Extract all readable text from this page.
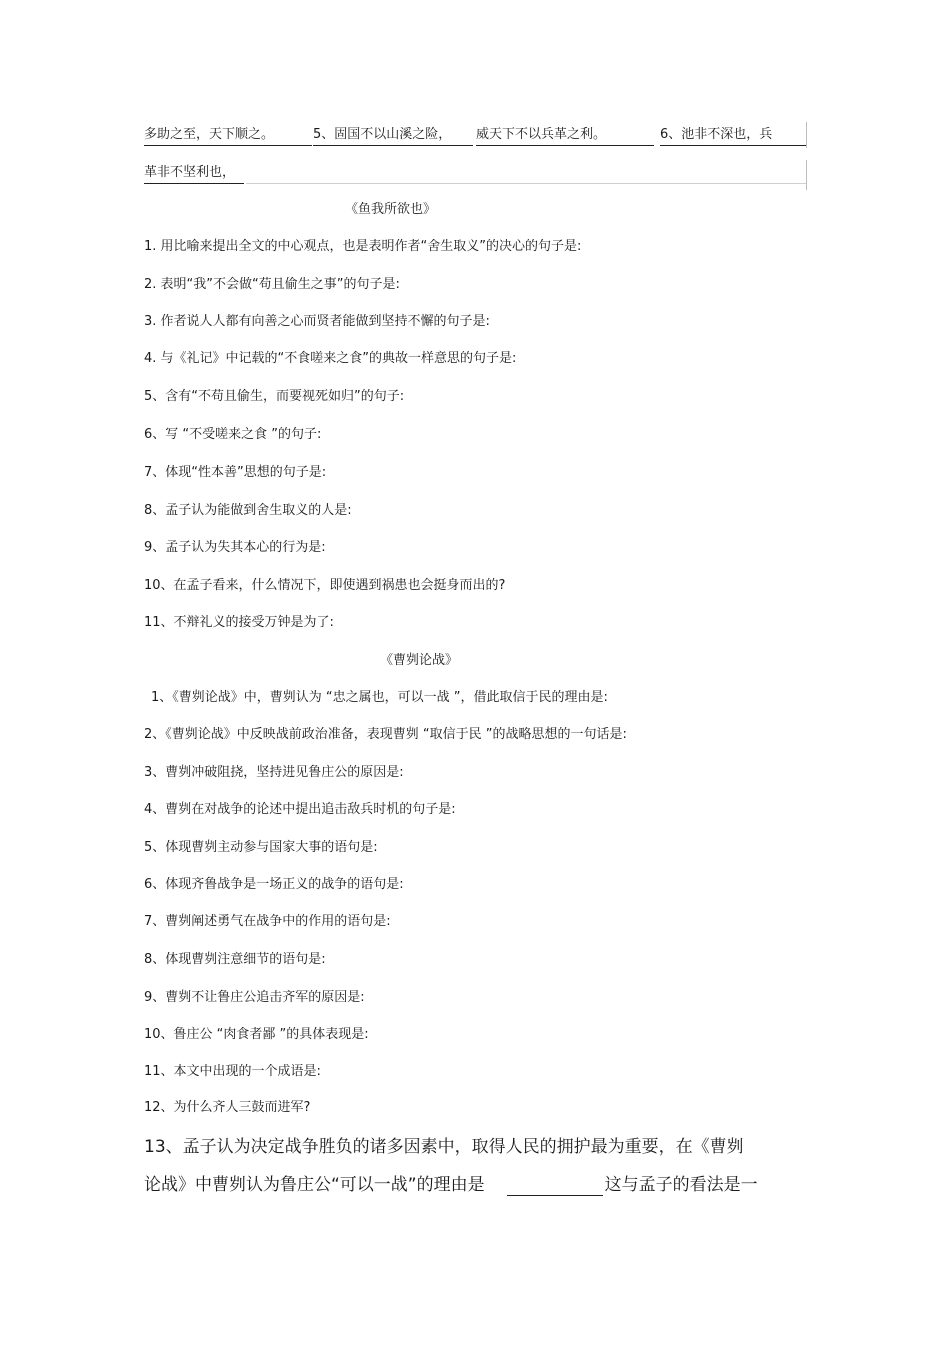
多助之至，天下顺之。	5、固国不以山溪之险，	威天下不以兵革之利。	6、池非不深也，兵
革非不坚利也，
《鱼我所欲也》
1. 用比喻来提出全文的中心观点，也是表明作者“舍生取义”的决心的句子是:
2. 表明“我”不会做“苟且偷生之事”的句子是:
3. 作者说人人都有向善之心而贤者能做到坚持不懈的句子是:
4. 与《礼记》中记载的“不食嗟来之食”的典故一样意思的句子是:
5、含有“不苟且偷生，而要视死如归”的句子:
6、写 “不受嗟来之食 ”的句子:
7、体现“性本善”思想的句子是:
8、孟子认为能做到舍生取义的人是:
9、孟子认为失其本心的行为是:
10、在孟子看来，什么情况下，即使遇到祸患也会挺身而出的?
11、不辩礼义的接受万钟是为了:
《曹刿论战》
1、《曹刿论战》中，曹刿认为 “忠之属也，可以一战 ”，借此取信于民的理由是:
2、《曹刿论战》中反映战前政治准备，表现曹刿 “取信于民 ”的战略思想的一句话是:
3、曹刿冲破阻挠，坚持进见鲁庄公的原因是:
4、曹刿在对战争的论述中提出追击敌兵时机的句子是:
5、体现曹刿主动参与国家大事的语句是:
6、体现齐鲁战争是一场正义的战争的语句是:
7、曹刿阐述勇气在战争中的作用的语句是:
8、体现曹刿注意细节的语句是:
9、曹刿不让鲁庄公追击齐军的原因是:
10、鲁庄公 “肉食者鄙 ”的具体表现是:
11、本文中出现的一个成语是:
12、为什么齐人三鼓而进军?
13、孟子认为决定战争胜负的诸多因素中，取得人民的拥护最为重要，在《曹刿
论战》中曹刿认为鲁庄公“可以一战”的理由是	这与孟子的看法是一
